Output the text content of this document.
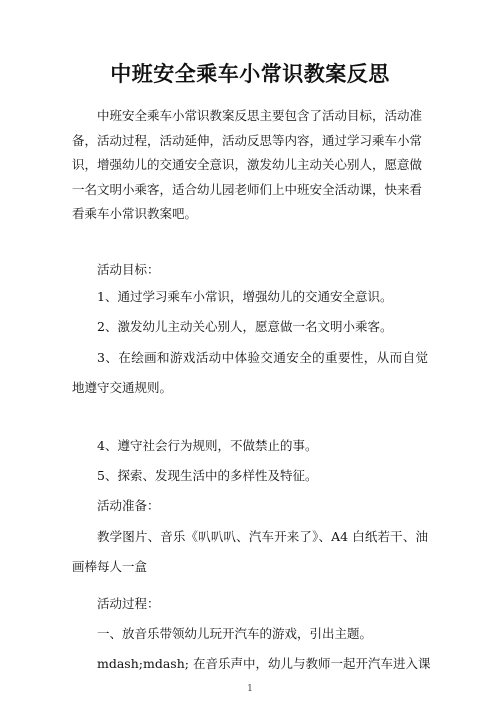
中班安全乘车小常识教案反思
中班安全乘车小常识教案反思主要包含了活动目标，活动准备，活动过程，活动延伸，活动反思等内容，通过学习乘车小常识，增强幼儿的交通安全意识，激发幼儿主动关心别人，愿意做一名文明小乘客，适合幼儿园老师们上中班安全活动课，快来看看乘车小常识教案吧。
活动目标：
1、通过学习乘车小常识，增强幼儿的交通安全意识。
2、激发幼儿主动关心别人，愿意做一名文明小乘客。
3、在绘画和游戏活动中体验交通安全的重要性，从而自觉地遵守交通规则。
4、遵守社会行为规则，不做禁止的事。
5、探索、发现生活中的多样性及特征。
活动准备：
教学图片、音乐《叭叭叭、汽车开来了》、A4 白纸若干、油画棒每人一盒
活动过程：
一、放音乐带领幼儿玩开汽车的游戏，引出主题。
mdash;mdash; 在音乐声中，幼儿与教师一起开汽车进入课
1
